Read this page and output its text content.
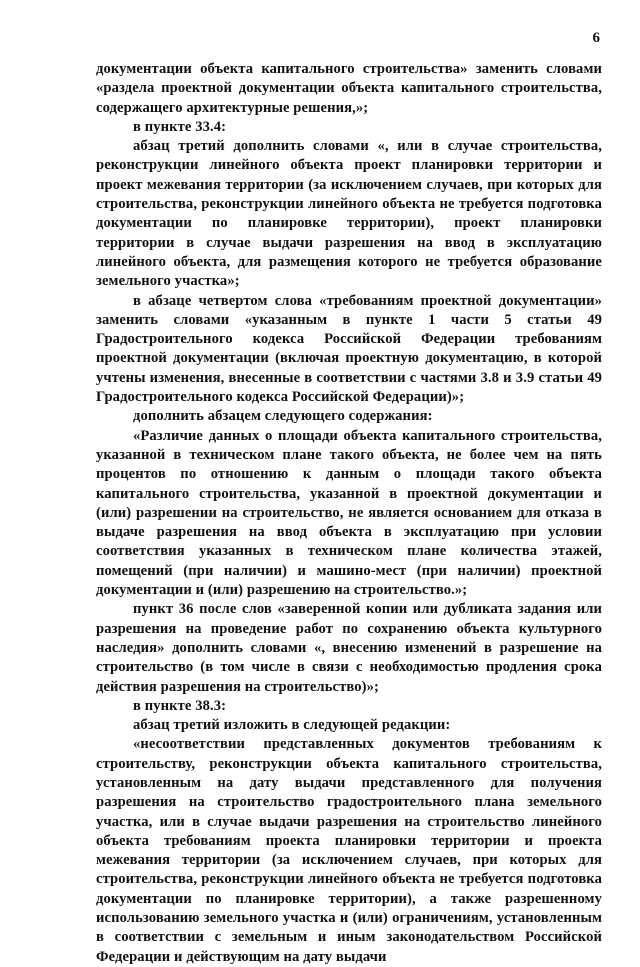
6

документации объекта капитального строительства» заменить словами «раздела проектной документации объекта капитального строительства, содержащего архитектурные решения,»;

в пункте 33.4:

абзац третий дополнить словами «, или в случае строительства, реконструкции линейного объекта проект планировки территории и проект межевания территории (за исключением случаев, при которых для строительства, реконструкции линейного объекта не требуется подготовка документации по планировке территории), проект планировки территории в случае выдачи разрешения на ввод в эксплуатацию линейного объекта, для размещения которого не требуется образование земельного участка»;

в абзаце четвертом слова «требованиям проектной документации» заменить словами «указанным в пункте 1 части 5 статьи 49 Градостроительного кодекса Российской Федерации требованиям проектной документации (включая проектную документацию, в которой учтены изменения, внесенные в соответствии с частями 3.8 и 3.9 статьи 49 Градостроительного кодекса Российской Федерации)»;

дополнить абзацем следующего содержания:

«Различие данных о площади объекта капитального строительства, указанной в техническом плане такого объекта, не более чем на пять процентов по отношению к данным о площади такого объекта капитального строительства, указанной в проектной документации и (или) разрешении на строительство, не является основанием для отказа в выдаче разрешения на ввод объекта в эксплуатацию при условии соответствия указанных в техническом плане количества этажей, помещений (при наличии) и машино-мест (при наличии) проектной документации и (или) разрешению на строительство.»;

пункт 36 после слов «заверенной копии или дубликата задания или разрешения на проведение работ по сохранению объекта культурного наследия» дополнить словами «, внесению изменений в разрешение на строительство (в том числе в связи с необходимостью продления срока действия разрешения на строительство)»;

в пункте 38.3:

абзац третий изложить в следующей редакции:

«несоответствии представленных документов требованиям к строительству, реконструкции объекта капитального строительства, установленным на дату выдачи представленного для получения разрешения на строительство градостроительного плана земельного участка, или в случае выдачи разрешения на строительство линейного объекта требованиям проекта планировки территории и проекта межевания территории (за исключением случаев, при которых для строительства, реконструкции линейного объекта не требуется подготовка документации по планировке территории), а также разрешенному использованию земельного участка и (или) ограничениям, установленным в соответствии с земельным и иным законодательством Российской Федерации и действующим на дату выдачи
